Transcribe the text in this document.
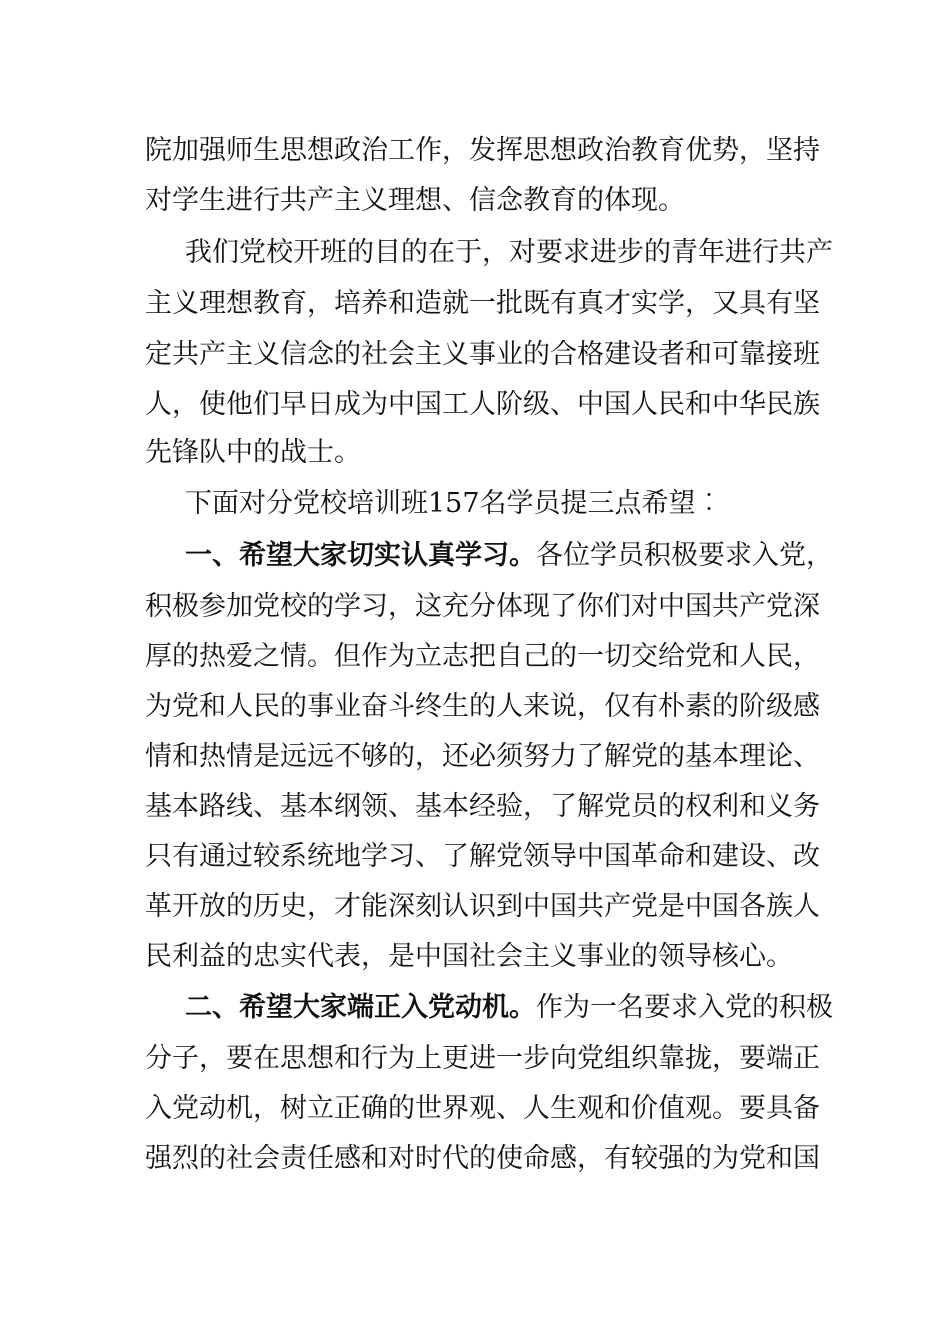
院加强师生思想政治工作，发挥思想政治教育优势，坚持
对学生进行共产主义理想、信念教育的体现。
我们党校开班的目的在于，对要求进步的青年进行共产
主义理想教育，培养和造就一批既有真才实学，又具有坚
定共产主义信念的社会主义事业的合格建设者和可靠接班
人，使他们早日成为中国工人阶级、中国人民和中华民族
先锋队中的战士。
下面对分党校培训班157名学员提三点希望︰
一、希望大家切实认真学习。各位学员积极要求入党，
积极参加党校的学习，这充分体现了你们对中国共产党深
厚的热爱之情。但作为立志把自己的一切交给党和人民，
为党和人民的事业奋斗终生的人来说，仅有朴素的阶级感
情和热情是远远不够的，还必须努力了解党的基本理论、
基本路线、基本纲领、基本经验，了解党员的权利和义务
只有通过较系统地学习、了解党领导中国革命和建设、改
革开放的历史，才能深刻认识到中国共产党是中国各族人
民利益的忠实代表，是中国社会主义事业的领导核心。
二、希望大家端正入党动机。作为一名要求入党的积极
分子，要在思想和行为上更进一步向党组织靠拢，要端正
入党动机，树立正确的世界观、人生观和价值观。要具备
强烈的社会责任感和对时代的使命感，有较强的为党和国
